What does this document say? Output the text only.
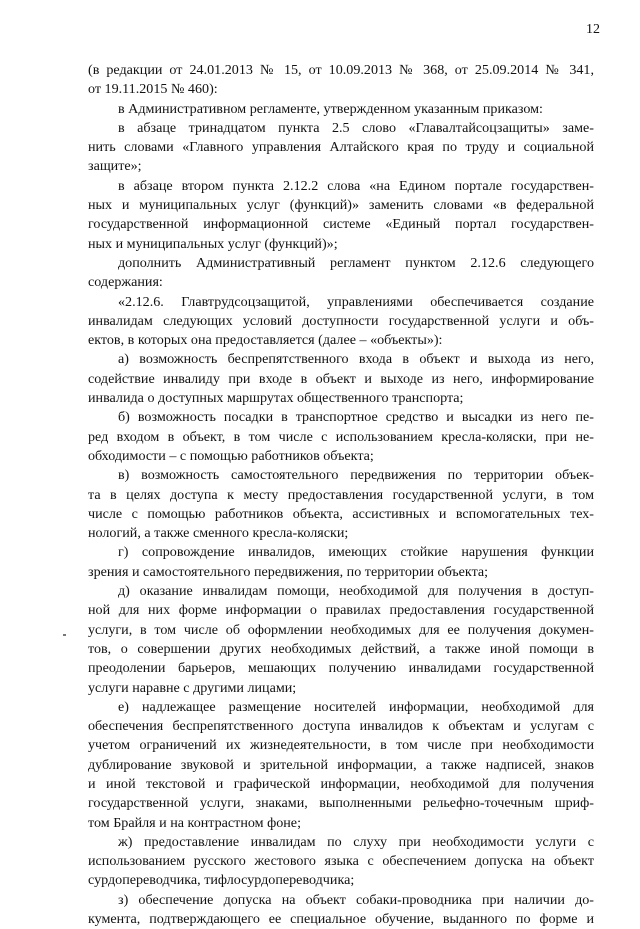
12
(в редакции от 24.01.2013 № 15, от 10.09.2013 № 368, от 25.09.2014 № 341,
от 19.11.2015 № 460):
в Административном регламенте, утвержденном указанным приказом:
в абзаце тринадцатом пункта 2.5 слово «Главалтайсоцзащиты» заме-
нить словами «Главного управления Алтайского края по труду и социальной
защите»;
в абзаце втором пункта 2.12.2 слова «на Едином портале государствен-
ных и муниципальных услуг (функций)» заменить словами «в федеральной
государственной информационной системе «Единый портал государствен-
ных и муниципальных услуг (функций)»;
дополнить Административный регламент пунктом 2.12.6 следующего
содержания:
«2.12.6. Главтрудсоцзащитой, управлениями обеспечивается создание
инвалидам следующих условий доступности государственной услуги и объ-
ектов, в которых она предоставляется (далее – «объекты»):
а) возможность беспрепятственного входа в объект и выхода из него,
содействие инвалиду при входе в объект и выходе из него, информирование
инвалида о доступных маршрутах общественного транспорта;
б) возможность посадки в транспортное средство и высадки из него пе-
ред входом в объект, в том числе с использованием кресла-коляски, при не-
обходимости – с помощью работников объекта;
в) возможность самостоятельного передвижения по территории объек-
та в целях доступа к месту предоставления государственной услуги, в том
числе с помощью работников объекта, ассистивных и вспомогательных тех-
нологий, а также сменного кресла-коляски;
г) сопровождение инвалидов, имеющих стойкие нарушения функции
зрения и самостоятельного передвижения, по территории объекта;
д) оказание инвалидам помощи, необходимой для получения в доступ-
ной для них форме информации о правилах предоставления государственной
услуги, в том числе об оформлении необходимых для ее получения докумен-
тов, о совершении других необходимых действий, а также иной помощи в
преодолении барьеров, мешающих получению инвалидами государственной
услуги наравне с другими лицами;
е) надлежащее размещение носителей информации, необходимой для
обеспечения беспрепятственного доступа инвалидов к объектам и услугам с
учетом ограничений их жизнедеятельности, в том числе при необходимости
дублирование звуковой и зрительной информации, а также надписей, знаков
и иной текстовой и графической информации, необходимой для получения
государственной услуги, знаками, выполненными рельефно-точечным шриф-
том Брайля и на контрастном фоне;
ж) предоставление инвалидам по слуху при необходимости услуги с
использованием русского жестового языка с обеспечением допуска на объект
сурдопереводчика, тифлосурдопереводчика;
з) обеспечение допуска на объект собаки-проводника при наличии до-
кумента, подтверждающего ее специальное обучение, выданного по форме и
